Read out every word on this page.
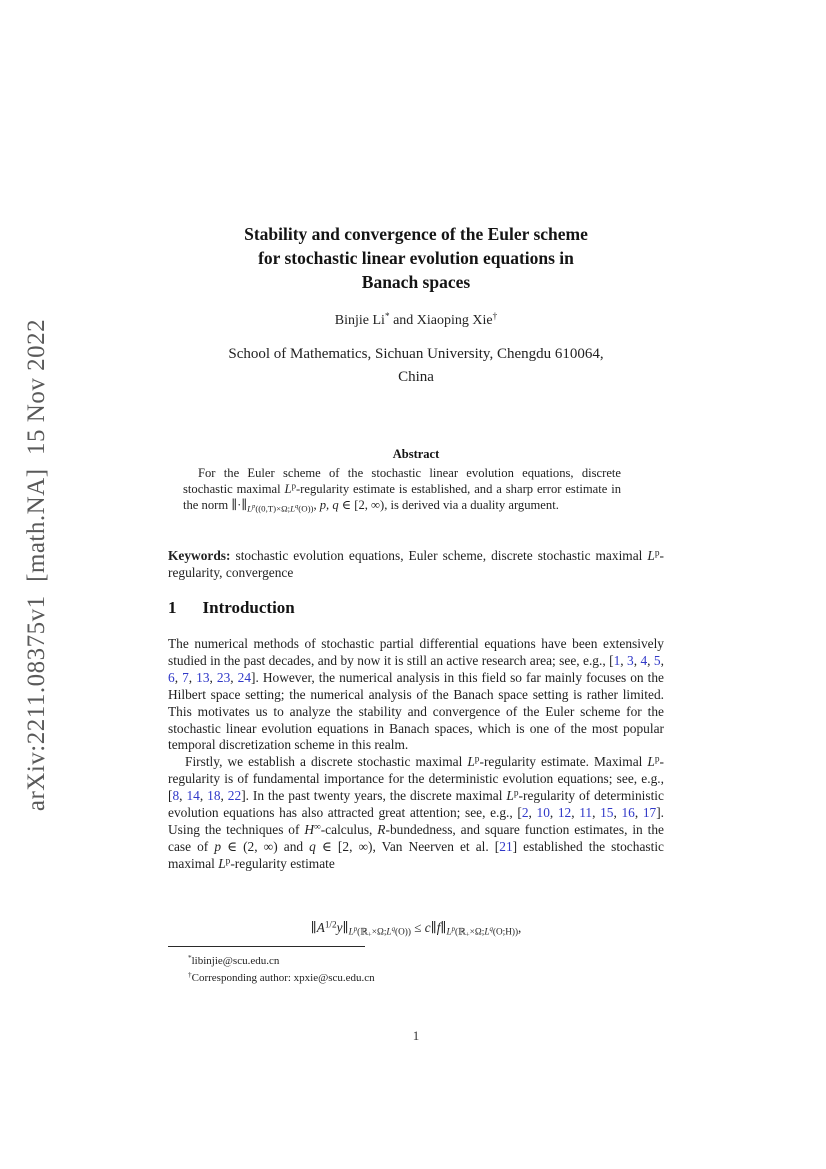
arXiv:2211.08375v1  [math.NA]  15 Nov 2022
Stability and convergence of the Euler scheme
for stochastic linear evolution equations in
Banach spaces
Binjie Li* and Xiaoping Xie†
School of Mathematics, Sichuan University, Chengdu 610064,
China
Abstract
For the Euler scheme of the stochastic linear evolution equations, discrete stochastic maximal $L^p$-regularity estimate is established, and a sharp error estimate in the norm ∥·∥Lp((0,T)×Ω;Lq(O)), p, q ∈ [2, ∞), is derived via a duality argument.
Keywords: stochastic evolution equations, Euler scheme, discrete stochastic maximal $L^p$-regularity, convergence
1 Introduction

The numerical methods of stochastic partial differential equations have been extensively studied in the past decades, and by now it is still an active research area; see, e.g., [1, 3, 4, 5, 6, 7, 13, 23, 24]. However, the numerical analysis in this field so far mainly focuses on the Hilbert space setting; the numerical analysis of the Banach space setting is rather limited. This motivates us to analyze the stability and convergence of the Euler scheme for the stochastic linear evolution equations in Banach spaces, which is one of the most popular temporal discretization scheme in this realm.

Firstly, we establish a discrete stochastic maximal $L^p$-regularity estimate. Maximal $L^p$-regularity is of fundamental importance for the deterministic evolution equations; see, e.g., [8, 14, 18, 22]. In the past twenty years, the discrete maximal $L^p$-regularity of deterministic evolution equations has also attracted great attention; see, e.g., [2, 10, 12, 11, 15, 16, 17]. Using the techniques of H∞-calculus, R-bundedness, and square function estimates, in the case of p ∈ (2, ∞) and q ∈ [2, ∞), Van Neerven et al. [21] established the stochastic maximal $L^p$-regularity estimate

$\parallel A^{1/2}y\parallel Lp(ℝ_+\times\Omega;Lq(O))$ ≤ c∥f∥Lp(ℝ$_+$×Ω;Lq(O;H)),
*libinjie@scu.edu.cn
†Corresponding author: xpxie@scu.edu.cn
1
